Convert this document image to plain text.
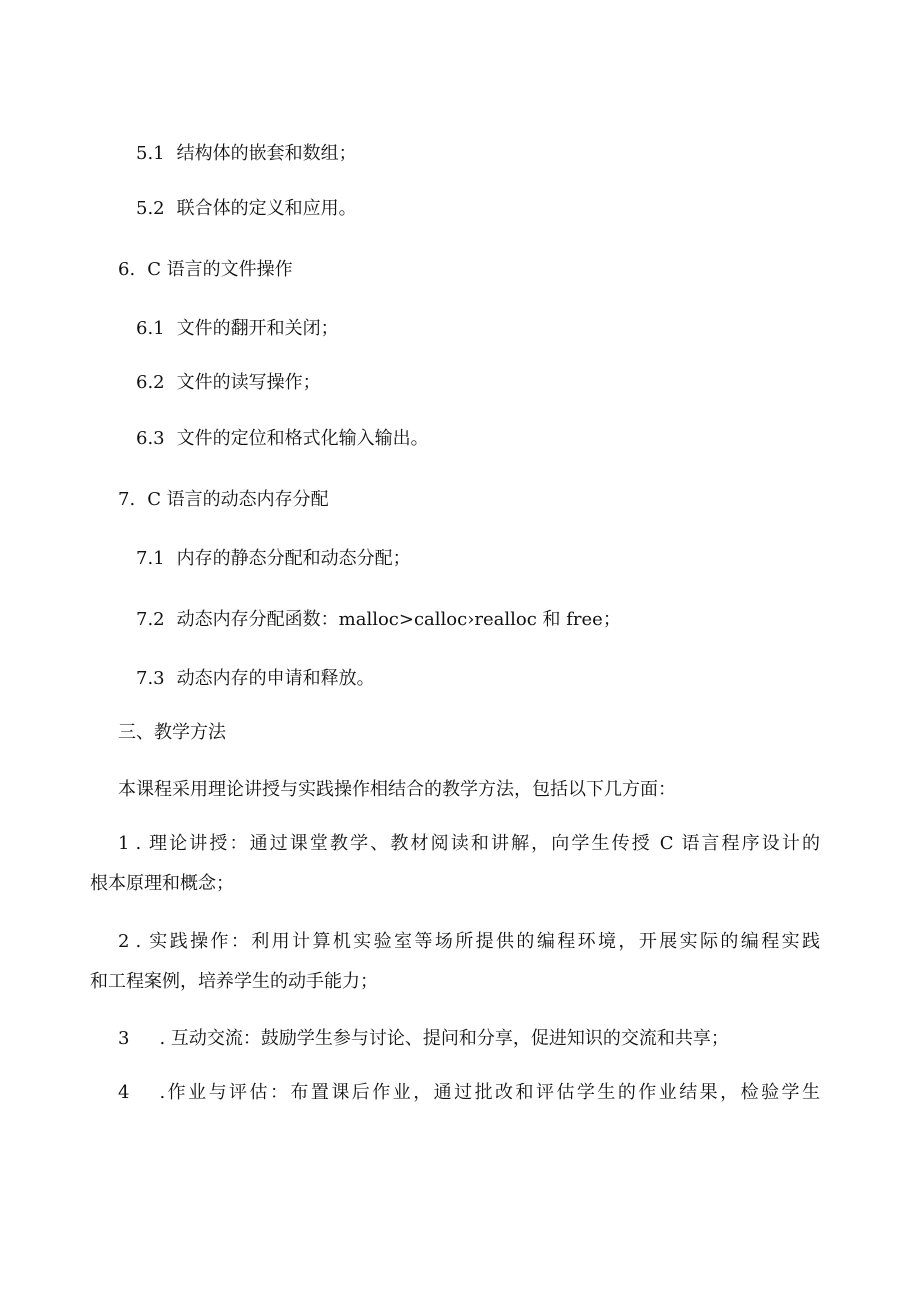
5.1 结构体的嵌套和数组；
5.2 联合体的定义和应用。
6. C 语言的文件操作
6.1 文件的翻开和关闭；
6.2 文件的读写操作；
6.3 文件的定位和格式化输入输出。
7. C 语言的动态内存分配
7.1 内存的静态分配和动态分配；
7.2 动态内存分配函数：malloc>calloc›realloc 和 free；
7.3 动态内存的申请和释放。
三、教学方法
本课程采用理论讲授与实践操作相结合的教学方法，包括以下几方面：
1 . 理论讲授：通过课堂教学、教材阅读和讲解，向学生传授 C 语言程序设计的
根本原理和概念；
2 . 实践操作：利用计算机实验室等场所提供的编程环境，开展实际的编程实践
和工程案例，培养学生的动手能力；
3 . 互动交流：鼓励学生参与讨论、提问和分享，促进知识的交流和共享；
4 .作业与评估：布置课后作业，通过批改和评估学生的作业结果，检验学生
